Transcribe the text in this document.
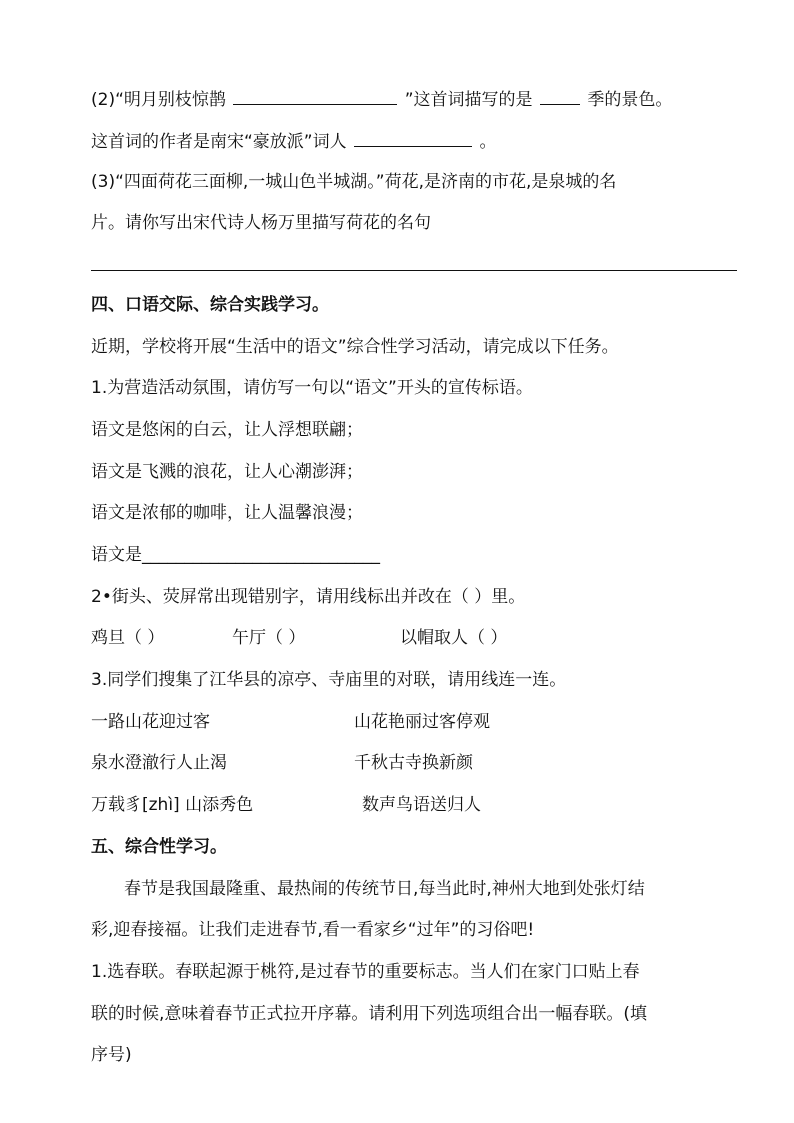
(2)“明月别枝惊鹊	”这首词描写的是	季的景色。
这首词的作者是南宋“豪放派”词人	。
(3)“四面荷花三面柳,一城山色半城湖。”荷花,是济南的市花,是泉城的名
片。请你写出宋代诗人杨万里描写荷花的名句
四、口语交际、综合实践学习。
近期，学校将开展“生活中的语文”综合性学习活动，请完成以下任务。
1.为营造活动氛围，请仿写一句以“语文”开头的宣传标语。
语文是悠闲的白云，让人浮想联翩；
语文是飞溅的浪花，让人心潮澎湃；
语文是浓郁的咖啡，让人温馨浪漫；
语文是____________________________
2•街头、荧屏常出现错别字，请用线标出并改在（ ）里。
鸡旦（ ）	午厅（ ）	以帽取人（ ）
3.同学们搜集了江华县的凉亭、寺庙里的对联，请用线连一连。
一路山花迎过客	山花艳丽过客停观
泉水澄澈行人止渴	千秋古寺换新颜
万载豸[zhì] 山添秀色	数声鸟语送归人
五、综合性学习。
春节是我国最隆重、最热闹的传统节日,每当此时,神州大地到处张灯结
彩,迎春接福。让我们走进春节,看一看家乡“过年”的习俗吧!
1.选春联。春联起源于桃符,是过春节的重要标志。当人们在家门口贴上春
联的时候,意味着春节正式拉开序幕。请利用下列选项组合出一幅春联。(填
序号)
